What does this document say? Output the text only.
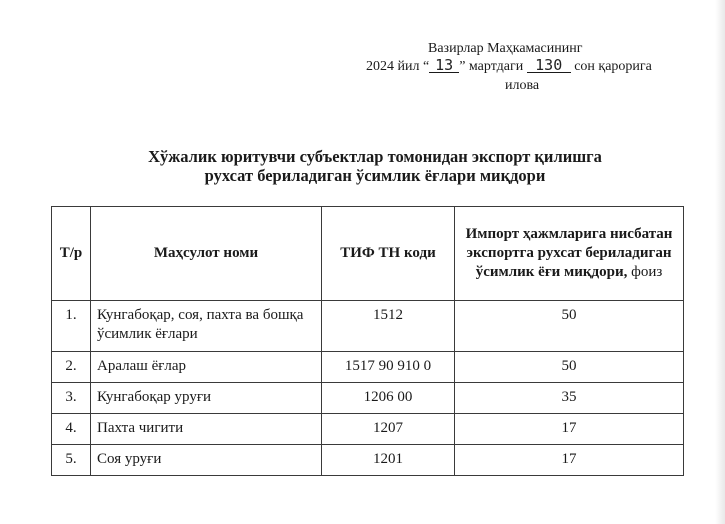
Вазирлар Маҳкамасининг
2024 йил “ 13 ” мартдаги 130 сон қарорига
илова
Хўжалик юритувчи субъектлар томонидан экспорт қилишга
рухсат бериладиган ўсимлик ёғлари миқдори
Т/р	Маҳсулот номи	ТИФ ТН коди	Импорт ҳажмларига нисбатан экспортга рухсат бериладиган ўсимлик ёғи миқдори, фоиз
1.	Кунгабоқар, соя, пахта ва бошқа ўсимлик ёғлари	1512	50
2.	Аралаш ёғлар	1517 90 910 0	50
3.	Кунгабоқар уруғи	1206 00	35
4.	Пахта чигити	1207	17
5.	Соя уруғи	1201	17
